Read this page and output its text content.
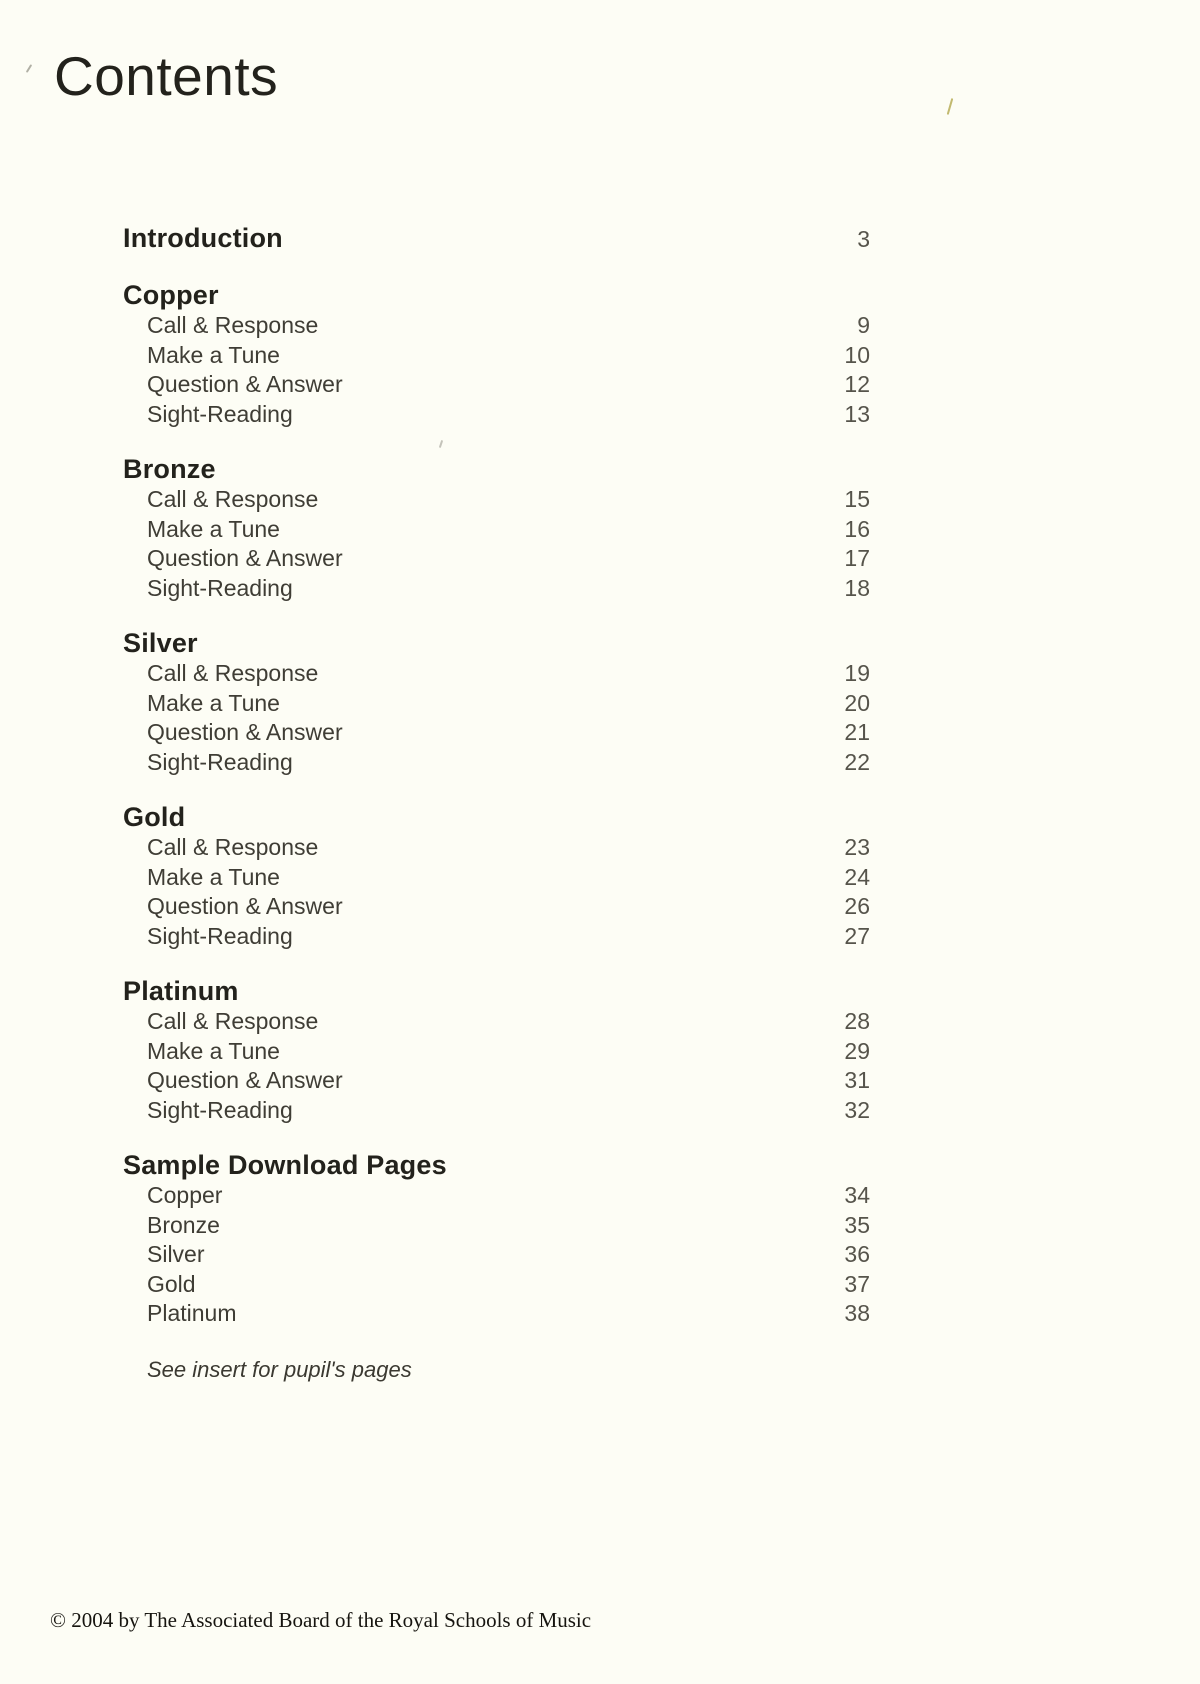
Contents
Introduction	3
Copper
Call & Response	9
Make a Tune	10
Question & Answer	12
Sight-Reading	13
Bronze
Call & Response	15
Make a Tune	16
Question & Answer	17
Sight-Reading	18
Silver
Call & Response	19
Make a Tune	20
Question & Answer	21
Sight-Reading	22
Gold
Call & Response	23
Make a Tune	24
Question & Answer	26
Sight-Reading	27
Platinum
Call & Response	28
Make a Tune	29
Question & Answer	31
Sight-Reading	32
Sample Download Pages
Copper	34
Bronze	35
Silver	36
Gold	37
Platinum	38
See insert for pupil's pages
© 2004 by The Associated Board of the Royal Schools of Music
